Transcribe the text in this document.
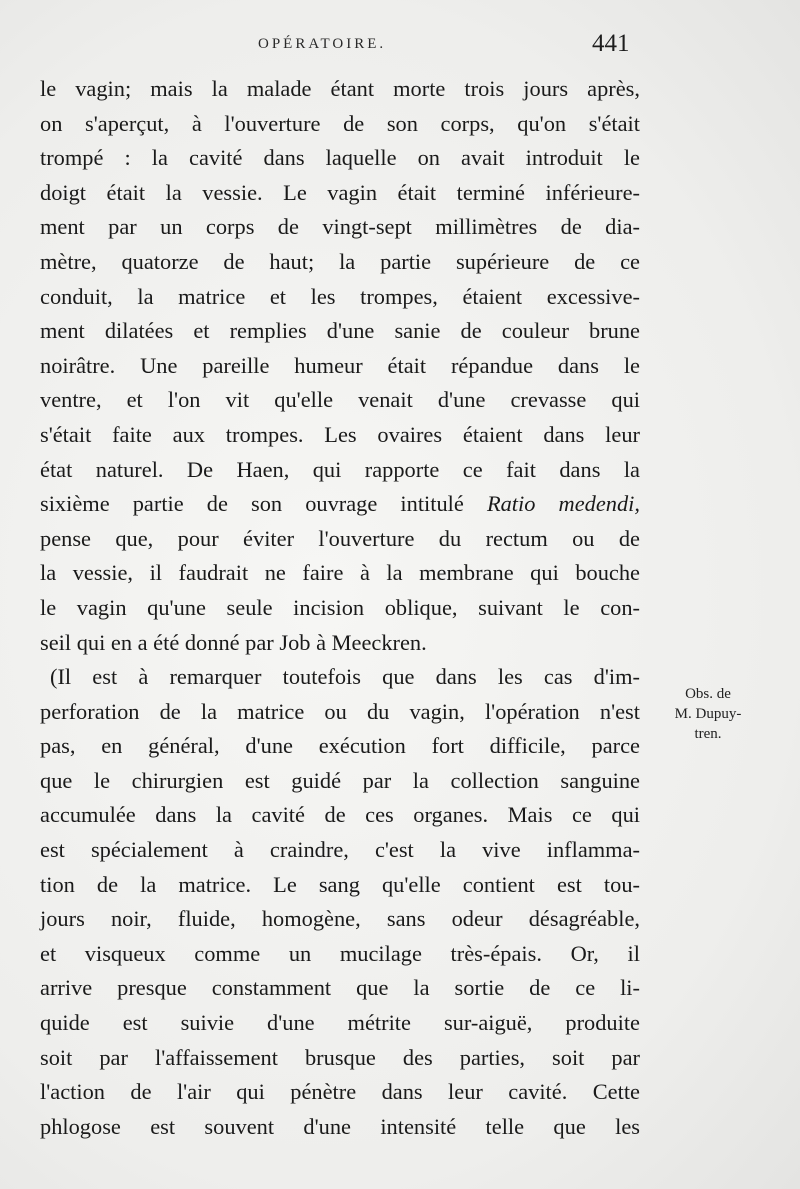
OPÉRATOIRE.	441
le vagin; mais la malade étant morte trois jours après,
on s'aperçut, à l'ouverture de son corps, qu'on s'était
trompé : la cavité dans laquelle on avait introduit le
doigt était la vessie. Le vagin était terminé inférieure-
ment par un corps de vingt-sept millimètres de dia-
mètre, quatorze de haut; la partie supérieure de ce
conduit, la matrice et les trompes, étaient excessive-
ment dilatées et remplies d'une sanie de couleur brune
noirâtre. Une pareille humeur était répandue dans le
ventre, et l'on vit qu'elle venait d'une crevasse qui
s'était faite aux trompes. Les ovaires étaient dans leur
état naturel. De Haen, qui rapporte ce fait dans la
sixième partie de son ouvrage intitulé Ratio medendi,
pense que, pour éviter l'ouverture du rectum ou de
la vessie, il faudrait ne faire à la membrane qui bouche
le vagin qu'une seule incision oblique, suivant le con-
seil qui en a été donné par Job à Meeckren.
(Il est à remarquer toutefois que dans les cas d'im-
perforation de la matrice ou du vagin, l'opération n'est
pas, en général, d'une exécution fort difficile, parce
que le chirurgien est guidé par la collection sanguine
accumulée dans la cavité de ces organes. Mais ce qui
est spécialement à craindre, c'est la vive inflamma-
tion de la matrice. Le sang qu'elle contient est tou-
jours noir, fluide, homogène, sans odeur désagréable,
et visqueux comme un mucilage très-épais. Or, il
arrive presque constamment que la sortie de ce li-
quide est suivie d'une métrite sur-aiguë, produite
soit par l'affaissement brusque des parties, soit par
l'action de l'air qui pénètre dans leur cavité. Cette
phlogose est souvent d'une intensité telle que les
Obs. de
M. Dupuy-
tren.
